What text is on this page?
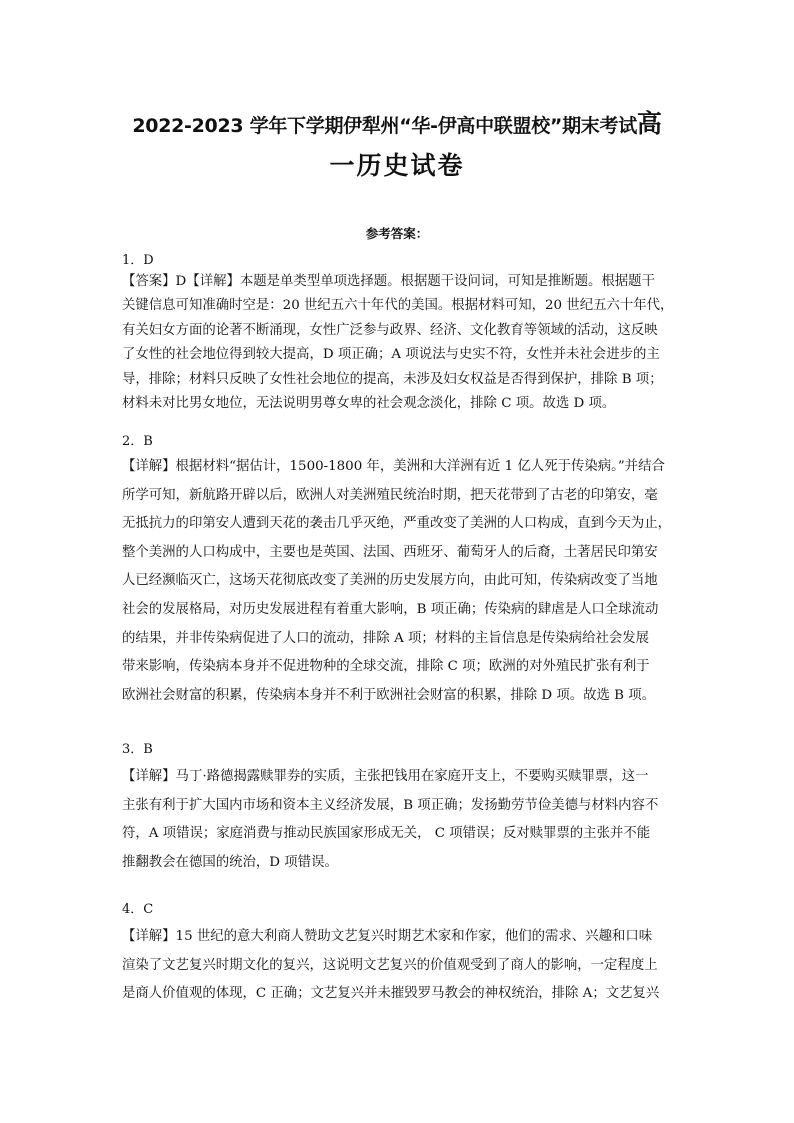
2022-2023 学年下学期伊犁州“华-伊高中联盟校”期末考试高
一历史试卷
参考答案：
1．D
【答案】D【详解】本题是单类型单项选择题。根据题干设问词，可知是推断题。根据题干
关键信息可知准确时空是：20 世纪五六十年代的美国。根据材料可知，20 世纪五六十年代，
有关妇女方面的论著不断涌现，女性广泛参与政界、经济、文化教育等领域的活动，这反映
了女性的社会地位得到较大提高，D 项正确；A 项说法与史实不符，女性并未社会进步的主
导，排除；材料只反映了女性社会地位的提高，未涉及妇女权益是否得到保护，排除 B 项；
材料未对比男女地位，无法说明男尊女卑的社会观念淡化，排除 C 项。故选 D 项。
2．B
【详解】根据材料“据估计，1500-1800 年，美洲和大洋洲有近 1 亿人死于传染病。”并结合
所学可知，新航路开辟以后，欧洲人对美洲殖民统治时期，把天花带到了古老的印第安，毫
无抵抗力的印第安人遭到天花的袭击几乎灭绝，严重改变了美洲的人口构成，直到今天为止，
整个美洲的人口构成中，主要也是英国、法国、西班牙、葡萄牙人的后裔，土著居民印第安
人已经濒临灭亡，这场天花彻底改变了美洲的历史发展方向，由此可知，传染病改变了当地
社会的发展格局，对历史发展进程有着重大影响，B 项正确；传染病的肆虐是人口全球流动
的结果，并非传染病促进了人口的流动，排除 A 项；材料的主旨信息是传染病给社会发展
带来影响，传染病本身并不促进物种的全球交流，排除 C 项；欧洲的对外殖民扩张有利于
欧洲社会财富的积累，传染病本身并不利于欧洲社会财富的积累，排除 D 项。故选 B 项。
3．B
【详解】马丁·路德揭露赎罪券的实质，主张把钱用在家庭开支上，不要购买赎罪票，这一
主张有利于扩大国内市场和资本主义经济发展，B 项正确；发扬勤劳节俭美德与材料内容不
符，A 项错误；家庭消费与推动民族国家形成无关， C 项错误；反对赎罪票的主张并不能
推翻教会在德国的统治，D 项错误。
4．C
【详解】15 世纪的意大利商人赞助文艺复兴时期艺术家和作家，他们的需求、兴趣和口味
渲染了文艺复兴时期文化的复兴，这说明文艺复兴的价值观受到了商人的影响，一定程度上
是商人价值观的体现，C 正确；文艺复兴并未摧毁罗马教会的神权统治，排除 A；文艺复兴
